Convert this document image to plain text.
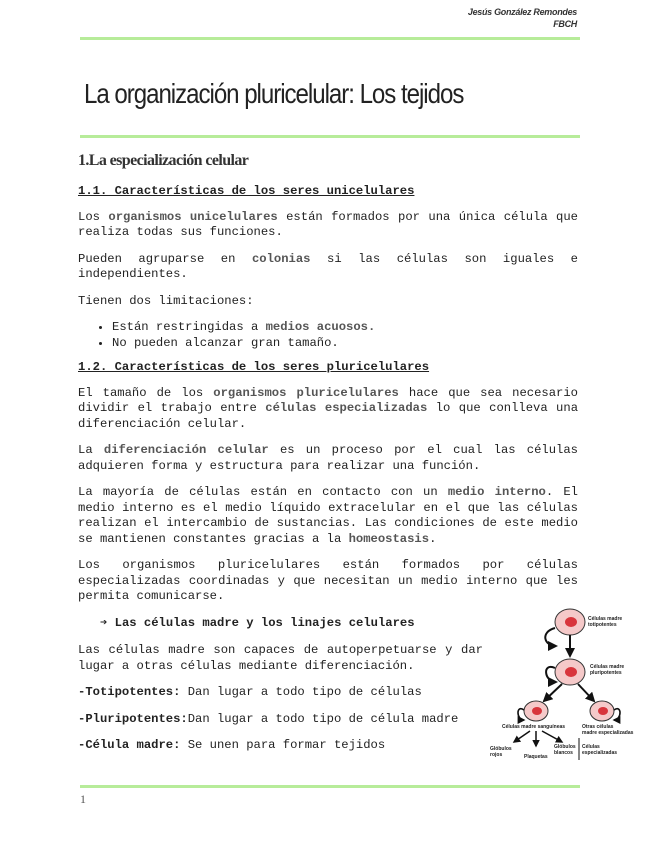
Jesús González Remondes
FBCH
La organización pluricelular: Los tejidos
1.La especialización celular
1.1. Características de los seres unicelulares

Los organismos unicelulares están formados por una única célula que realiza todas sus funciones.

Pueden agruparse en colonias si las células son iguales e independientes.

Tienen dos limitaciones:

• Están restringidas a medios acuosos.
• No pueden alcanzar gran tamaño.
1.2. Características de los seres pluricelulares

El tamaño de los organismos pluricelulares hace que sea necesario dividir el trabajo entre células especializadas lo que conlleva una diferenciación celular.

La diferenciación celular es un proceso por el cual las células adquieren forma y estructura para realizar una función.

La mayoría de células están en contacto con un medio interno. El medio interno es el medio líquido extracelular en el que las células realizan el intercambio de sustancias. Las condiciones de este medio se mantienen constantes gracias a la homeostasis.

Los organismos pluricelulares están formados por células especializadas coordinadas y que necesitan un medio interno que les permita comunicarse.

➔ Las células madre y los linajes celulares

Las células madre son capaces de autoperpetuarse y dar lugar a otras células mediante diferenciación.

-Totipotentes: Dan lugar a todo tipo de células

-Pluripotentes:Dan lugar a todo tipo de célula madre

-Célula madre: Se unen para formar tejidos

Células madre
totipotentes
Células madre
pluripotentes
Células madre sanguíneas	Otras células
madre especializadas
Glóbulos
rojos	Plaquetas
Glóbulos
blancos
Células
especializadas
1
